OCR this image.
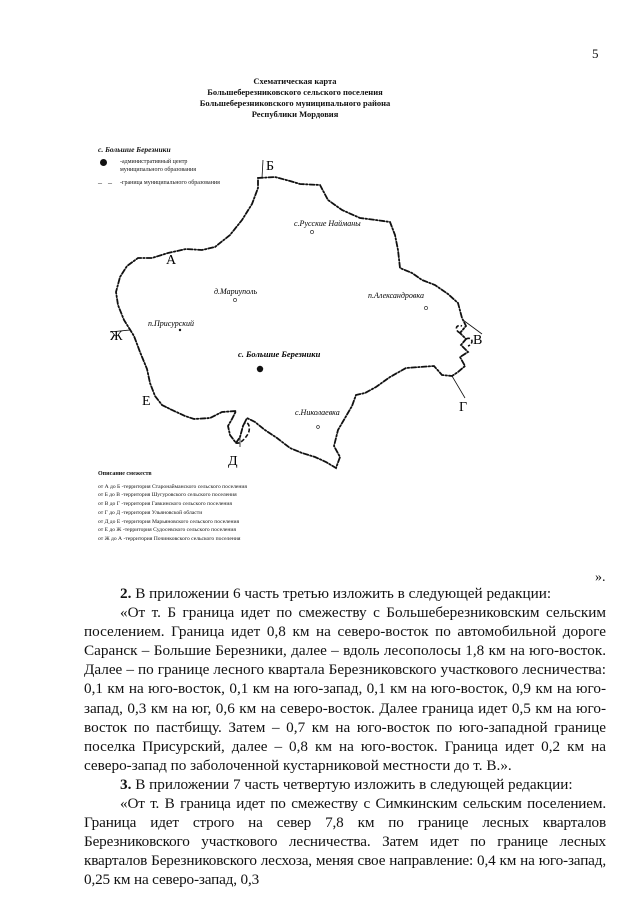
5
Схематическая карта
Большеберезниковского сельского поселения
Большеберезниковского муниципального района
Республики Мордовия
с. Большие Березники
-административный центр муниципального образования
– –	-граница муниципального образования
А
Б
В
Г
Д
Е
Ж
с.Русские Найманы
д.Мариуполь	п.Александровка
п.Присурский
с. Большие Березники
с.Николаевка
Описание смежеств
от А до Б -территория Старонайманского сельского поселения
от Б до В -территория Шугуровского сельского поселения
от В до Г -территория Гавкинского сельского поселения
от Г до Д -территория Ульяновской области
от Д до Е -территория Марьяновского сельского поселения
от Е до Ж -территория Судосевского сельского поселения
от Ж до А -территория Починковского сельского поселения
».

2. В приложении 6 часть третью изложить в следующей редакции:

«От т. Б граница идет по смежеству с Большеберезниковским сельским поселением. Граница идет 0,8 км на северо-восток по автомобильной дороге Саранск – Большие Березники, далее – вдоль лесополосы 1,8 км на юго-восток. Далее – по границе лесного квартала Березниковского участкового лесничества: 0,1 км на юго-восток, 0,1 км на юго-запад, 0,1 км на юго-восток, 0,9 км на юго-запад, 0,3 км на юг, 0,6 км на северо-восток. Далее граница идет 0,5 км на юго-восток по пастбищу. Затем – 0,7 км на юго-восток по юго-западной границе поселка Присурский, далее – 0,8 км на юго-восток. Граница идет 0,2 км на северо-запад по заболоченной кустарниковой местности до т. В.».

3. В приложении 7 часть четвертую изложить в следующей редакции:

«От т. В граница идет по смежеству с Симкинским сельским поселением. Граница идет строго на север 7,8 км по границе лесных кварталов Березниковского участкового лесничества. Затем идет по границе лесных кварталов Березниковского лесхоза, меняя свое направление: 0,4 км на юго-запад, 0,25 км на северо-запад, 0,3
